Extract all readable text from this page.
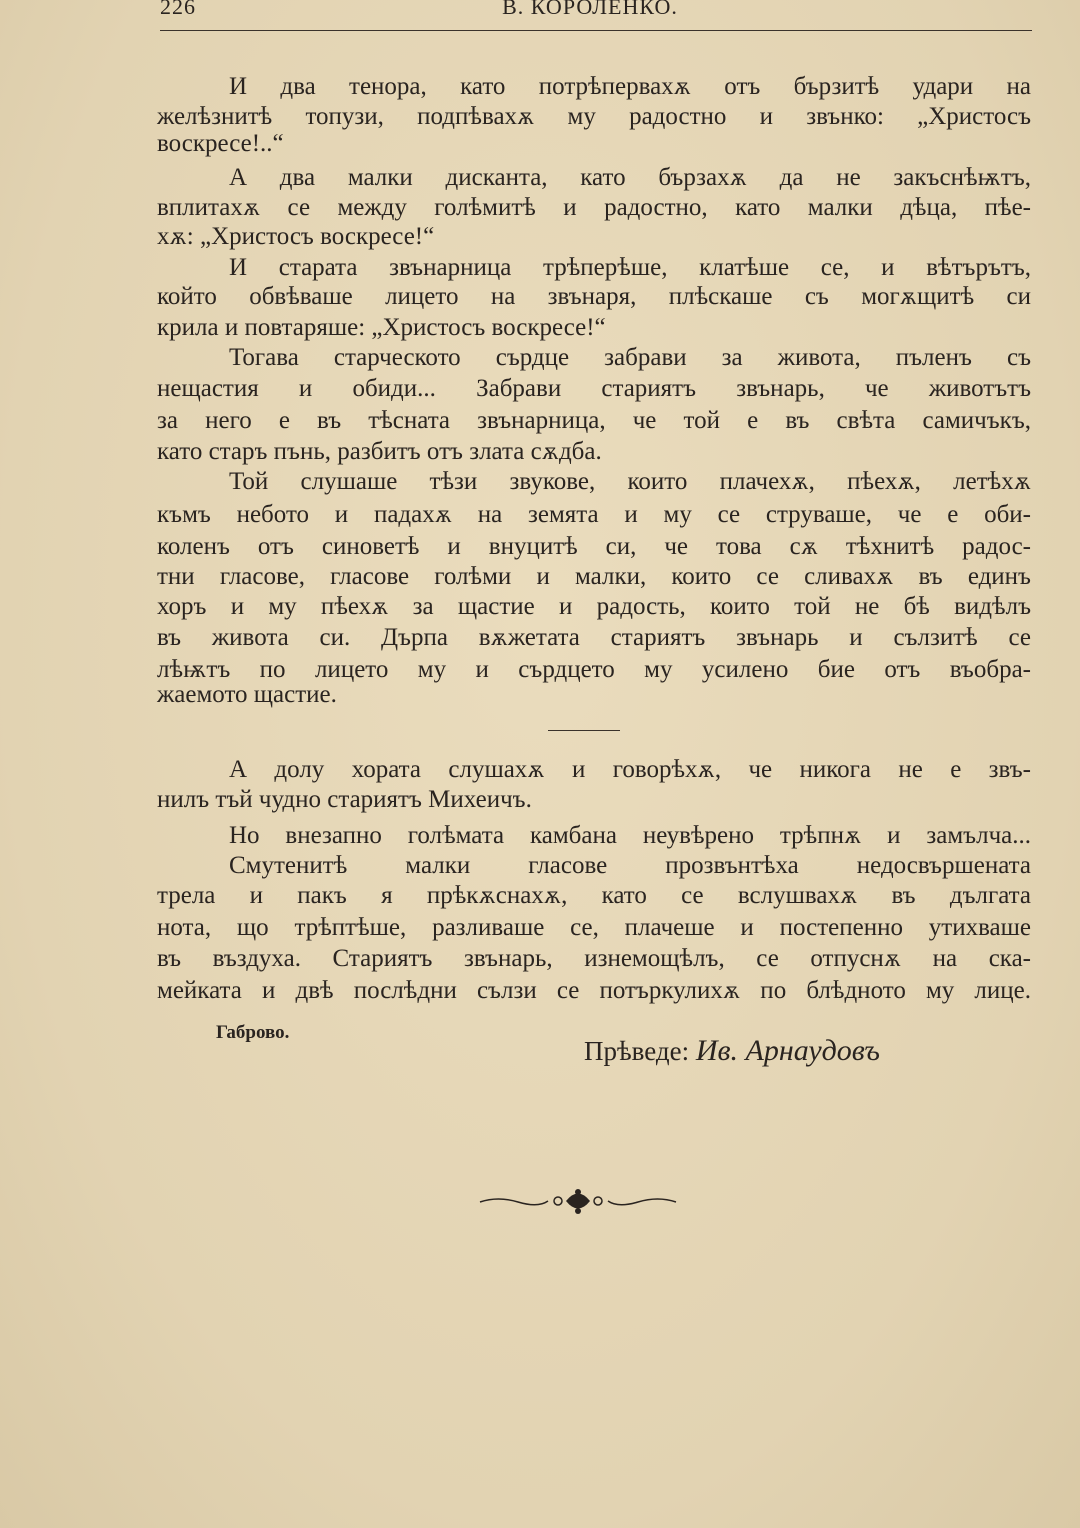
226	В. КОРОЛЕНКО.
И два тенора, като потрѣпервахѫ отъ бързитѣ удари на
желѣзнитѣ топузи, подпѣвахѫ му радостно и звънко: „Христосъ
воскресе!..“
А два малки дисканта, като бързахѫ да не закъснѣѭтъ,
вплитахѫ се между голѣмитѣ и радостно, като малки дѣца, пѣе-
хѫ: „Христосъ воскресе!“
И старата звънарница трѣперѣше, клатѣше се, и вѣтърътъ,
който обвѣваше лицето на звънаря, плѣскаше съ могѫщитѣ си
крила и повтаряше: „Христосъ воскресе!“
Тогава старческото сърдце забрави за живота, пъленъ съ
нещастия и обиди... Забрави стариятъ звънарь, че животътъ
за него е въ тѣсната звънарница, че той е въ свѣта самичъкъ,
като старъ пънь, разбитъ отъ злата сѫдба.
Той слушаше тѣзи звукове, които плачехѫ, пѣехѫ, летѣхѫ
къмъ небото и падахѫ на земята и му се струваше, че е оби-
коленъ отъ синоветѣ и внуцитѣ си, че това сѫ тѣхнитѣ радос-
тни гласове, гласове голѣми и малки, които се сливахѫ въ единъ
хоръ и му пѣехѫ за щастие и радость, които той не бѣ видѣлъ
въ живота си. Дърпа вѫжетата стариятъ звънарь и сълзитѣ се
лѣѭтъ по лицето му и сърдцето му усилено бие отъ въобра-
жаемото щастие.
А долу хората слушахѫ и говорѣхѫ, че никога не е звъ-
нилъ тъй чудно стариятъ Михеичъ.
Но внезапно голѣмата камбана неувѣрено трѣпнѫ и замълча...
Смутенитѣ малки гласове прозвънтѣха недосвършената
трела и пакъ я прѣкѫснахѫ, като се вслушвахѫ въ дългата
нота, що трѣптѣше, разливаше се, плачеше и постепенно утихваше
въ въздуха. Стариятъ звънарь, изнемощѣлъ, се отпуснѫ на ска-
мейката и двѣ послѣдни сълзи се потъркулихѫ по блѣдното му лице.
Габрово.
Прѣведе: Ив. Арнаудовъ
